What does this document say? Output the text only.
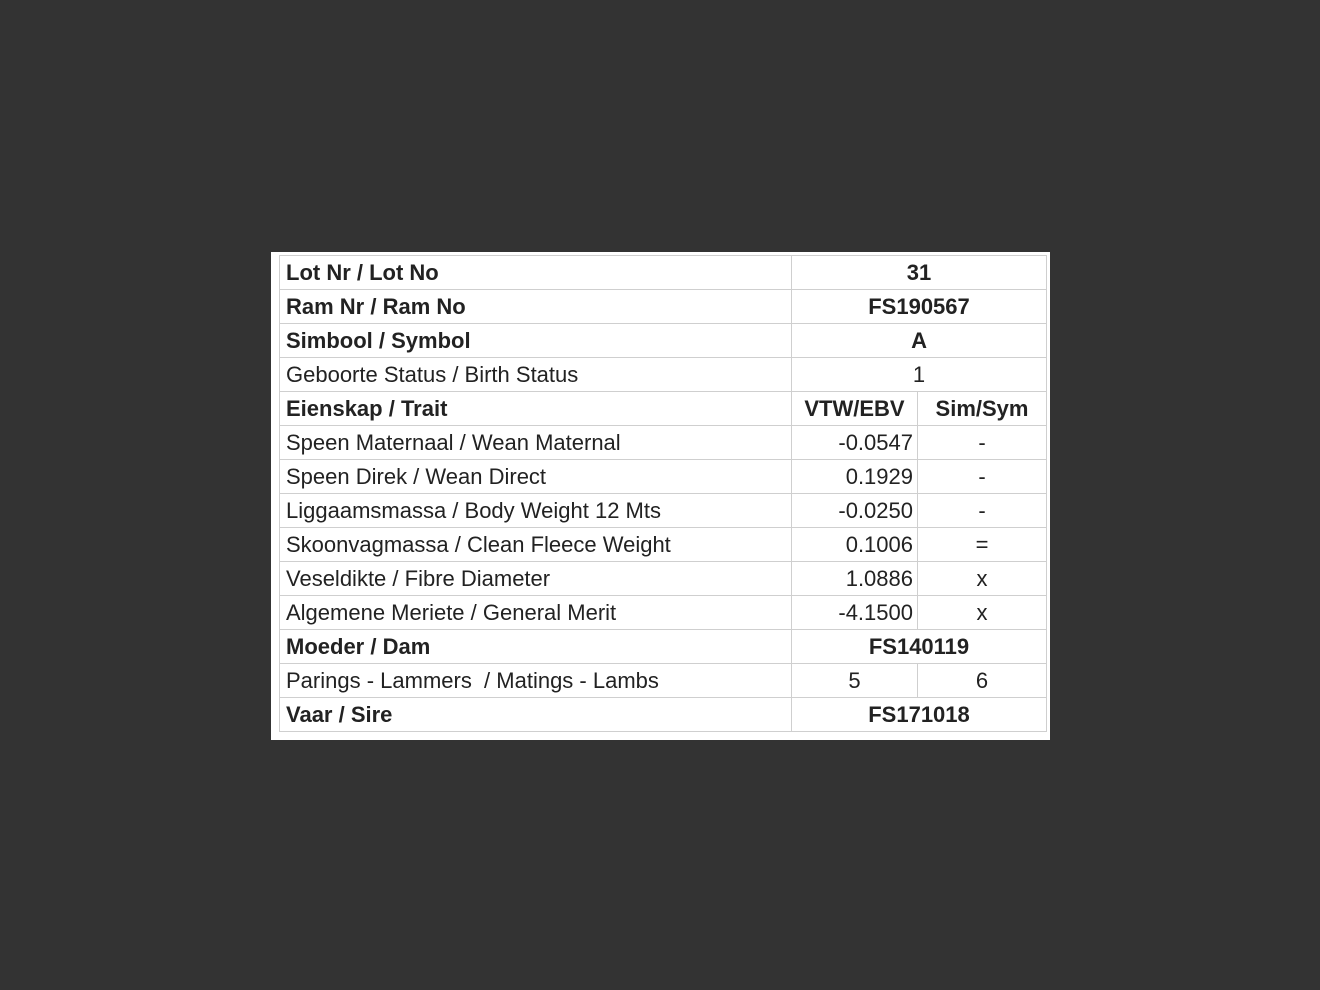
Lot Nr / Lot No	31	
Ram Nr / Ram No	FS190567	
Simbool / Symbol	A	
Geboorte Status / Birth Status	1	
Eienskap / Trait	VTW/EBV	Sim/Sym
Speen Maternaal / Wean Maternal	-0.0547	-
Speen Direk / Wean Direct	0.1929	-
Liggaamsmassa / Body Weight 12 Mts	-0.0250	-
Skoonvagmassa / Clean Fleece Weight	0.1006	=
Veseldikte / Fibre Diameter	1.0886	x
Algemene Meriete / General Merit	-4.1500	x
Moeder / Dam	FS140119	
Parings - Lammers  / Matings - Lambs	5	6
Vaar / Sire	FS171018	
